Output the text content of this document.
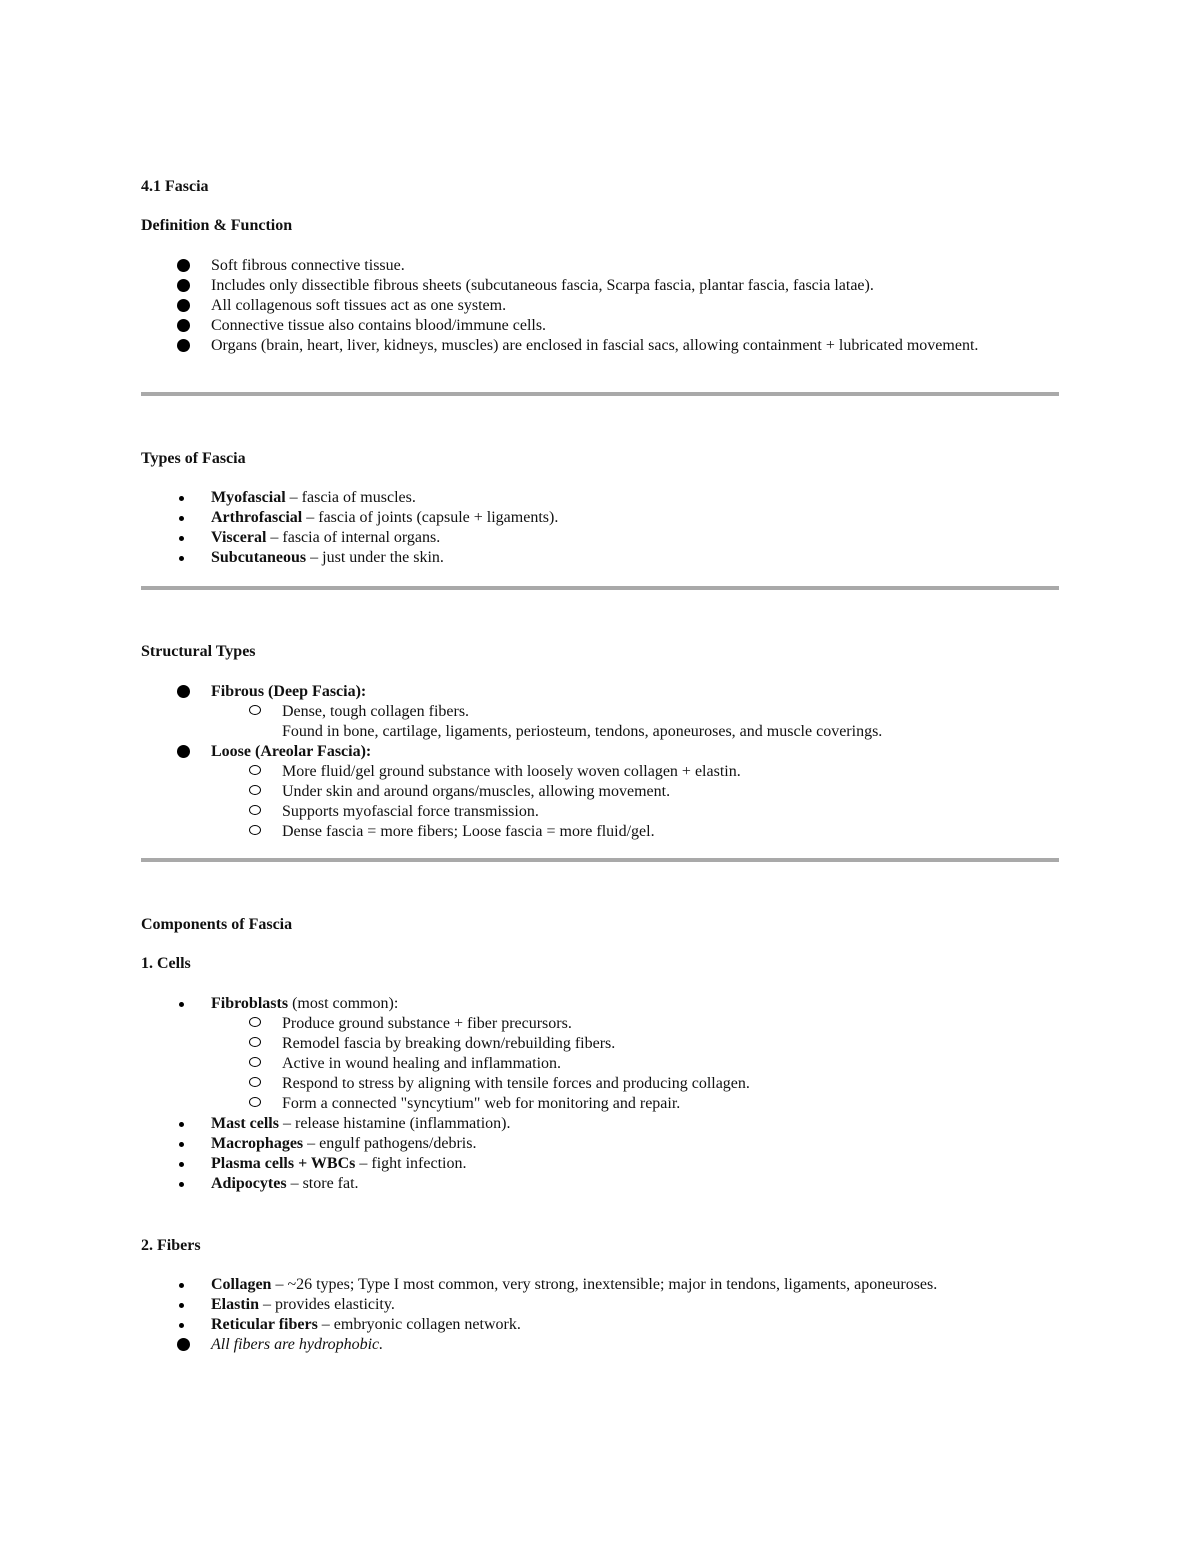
4.1 Fascia
Definition & Function
Soft fibrous connective tissue.
Includes only dissectible fibrous sheets (subcutaneous fascia, Scarpa fascia, plantar fascia, fascia latae).
All collagenous soft tissues act as one system.
Connective tissue also contains blood/immune cells.
Organs (brain, heart, liver, kidneys, muscles) are enclosed in fascial sacs, allowing containment + lubricated movement.
Types of Fascia
Myofascial – fascia of muscles.
Arthrofascial – fascia of joints (capsule + ligaments).
Visceral – fascia of internal organs.
Subcutaneous – just under the skin.
Structural Types
Fibrous (Deep Fascia):
Dense, tough collagen fibers.
Found in bone, cartilage, ligaments, periosteum, tendons, aponeuroses, and muscle coverings.
Loose (Areolar Fascia):
More fluid/gel ground substance with loosely woven collagen + elastin.
Under skin and around organs/muscles, allowing movement.
Supports myofascial force transmission.
Dense fascia = more fibers; Loose fascia = more fluid/gel.
Components of Fascia
1. Cells
Fibroblasts (most common):
Produce ground substance + fiber precursors.
Remodel fascia by breaking down/rebuilding fibers.
Active in wound healing and inflammation.
Respond to stress by aligning with tensile forces and producing collagen.
Form a connected "syncytium" web for monitoring and repair.
Mast cells – release histamine (inflammation).
Macrophages – engulf pathogens/debris.
Plasma cells + WBCs – fight infection.
Adipocytes – store fat.
2. Fibers
Collagen – ~26 types; Type I most common, very strong, inextensible; major in tendons, ligaments, aponeuroses.
Elastin – provides elasticity.
Reticular fibers – embryonic collagen network.
All fibers are hydrophobic.
